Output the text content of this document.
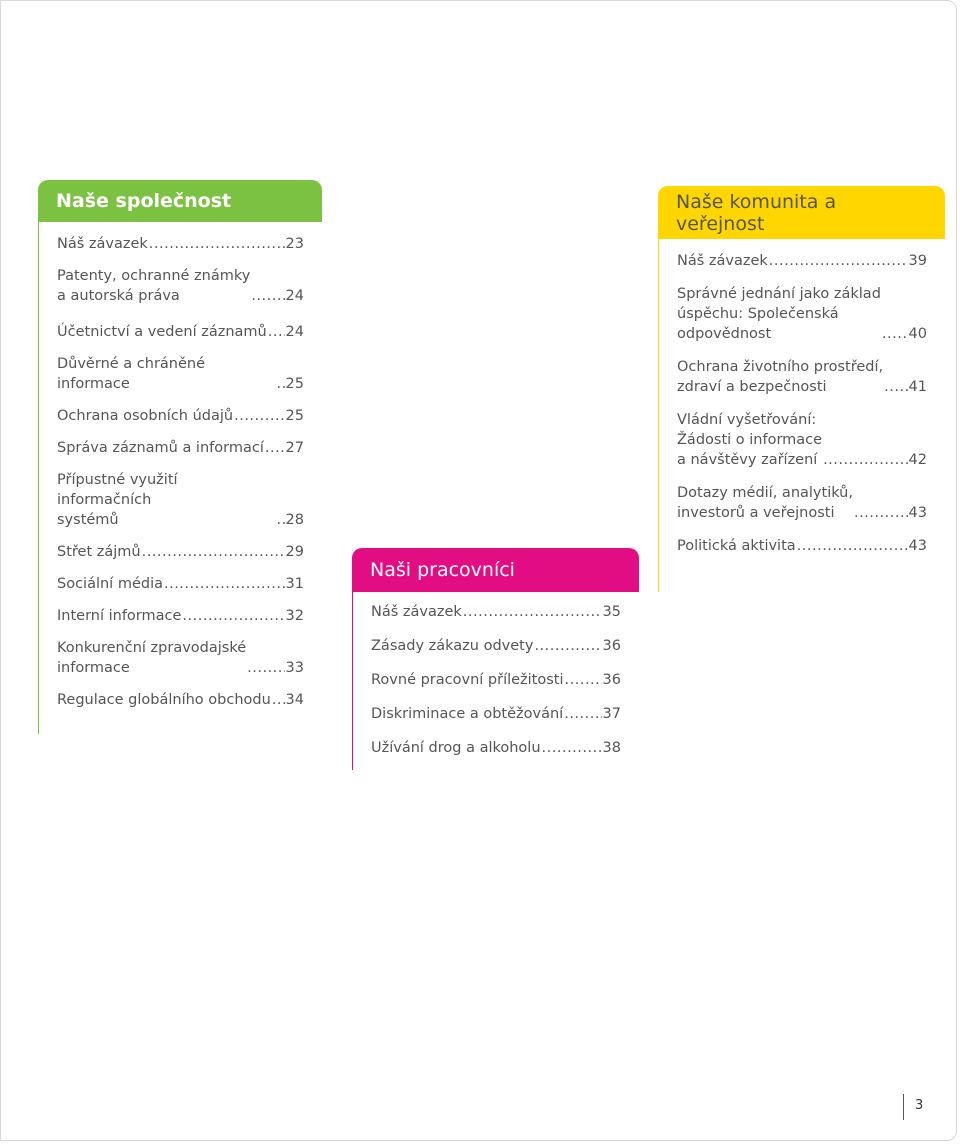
Naše společnost
Náš závazek .....	23
Patenty, ochranné známky
a autorská práva .....	24
Účetnictví a vedení záznamů ..... 24
Důvěrné a chráněné informace .....	25
Ochrana osobních údajů .....	25
Správa záznamů a informací ..... 27
Přípustné využití informačních
systémů .....	28
Střet zájmů .....	29
Sociální média .....	31
Interní informace .....	32
Konkurenční zpravodajské
informace .....	33
Regulace globálního obchodu ..... 34
Naši pracovníci
Náš závazek .....	35
Zásady zákazu odvety .....	36
Rovné pracovní příležitosti .....	36
Diskriminace a obtěžování .....	37
Užívání drog a alkoholu .....	38
Naše komunita a veřejnost
Náš závazek .....	39
Správné jednání jako základ
úspěchu: Společenská
odpovědnost .....	40
Ochrana životního prostředí,
zdraví a bezpečnosti .....	41
Vládní vyšetřování:
Žádosti o informace
a návštěvy zařízení .....	42
Dotazy médií, analytiků,
investorů a veřejnosti .....	43
Politická aktivita .....	43
3
